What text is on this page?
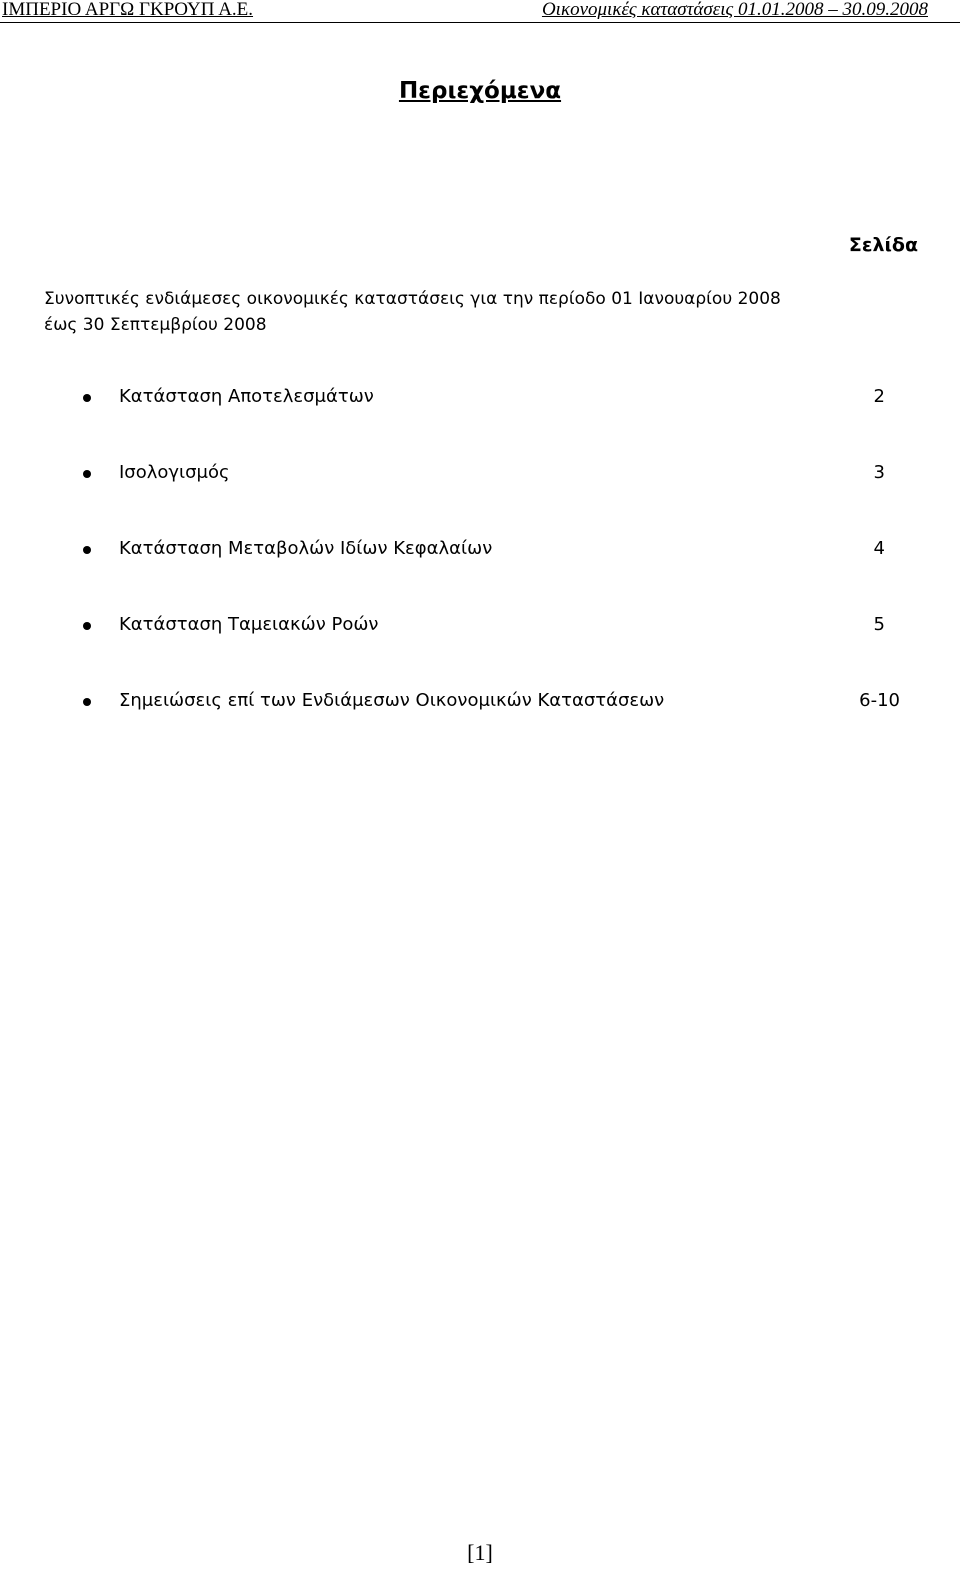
ΙΜΠΕΡΙΟ ΑΡΓΩ ΓΚΡΟΥΠ Α.Ε.	Οικονομικές καταστάσεις 01.01.2008 – 30.09.2008
Περιεχόμενα
Σελίδα
Συνοπτικές ενδιάμεσες οικονομικές καταστάσεις για την περίοδο 01 Ιανουαρίου 2008 έως 30 Σεπτεμβρίου 2008
Κατάσταση Αποτελεσμάτων	2
Ισολογισμός	3
Κατάσταση Μεταβολών Ιδίων Κεφαλαίων	4
Κατάσταση Ταμειακών Ροών	5
Σημειώσεις επί των Ενδιάμεσων Οικονομικών Καταστάσεων	6-10
[1]
